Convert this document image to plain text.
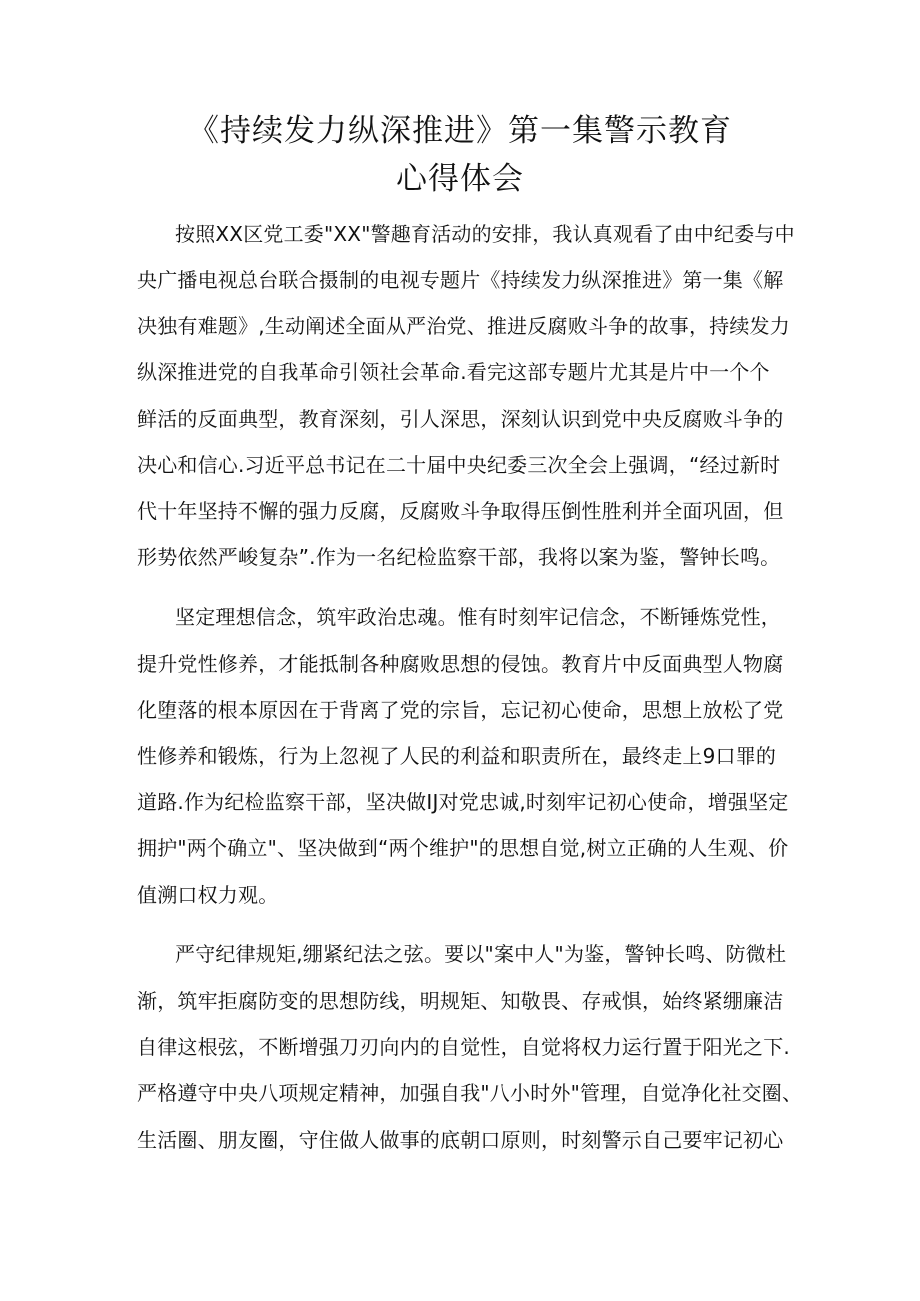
《持续发力纵深推进》第一集警示教育
心得体会
按照XX区党工委"XX"警趣育活动的安排，我认真观看了由中纪委与中
央广播电视总台联合摄制的电视专题片《持续发力纵深推进》第一集《解
决独有难题》,生动阐述全面从严治党、推进反腐败斗争的故事，持续发力
纵深推进党的自我革命引领社会革命.看完这部专题片尤其是片中一个个
鲜活的反面典型，教育深刻，引人深思，深刻认识到党中央反腐败斗争的
决心和信心.习近平总书记在二十届中央纪委三次全会上强调，“经过新时
代十年坚持不懈的强力反腐，反腐败斗争取得压倒性胜利并全面巩固，但
形势依然严峻复杂”.作为一名纪检监察干部，我将以案为鉴，警钟长鸣。
坚定理想信念，筑牢政治忠魂。惟有时刻牢记信念，不断锤炼党性，
提升党性修养，才能抵制各种腐败思想的侵蚀。教育片中反面典型人物腐
化堕落的根本原因在于背离了党的宗旨，忘记初心使命，思想上放松了党
性修养和锻炼，行为上忽视了人民的利益和职责所在，最终走上9口罪的
道路.作为纪检监察干部，坚决做IJ对党忠诚,时刻牢记初心使命，增强坚定
拥护"两个确立"、坚决做到“两个维护"的思想自觉,树立正确的人生观、价
值溯口权力观。
严守纪律规矩,绷紧纪法之弦。要以"案中人"为鉴，警钟长鸣、防微杜
渐，筑牢拒腐防变的思想防线，明规矩、知敬畏、存戒惧，始终紧绷廉洁
自律这根弦，不断增强刀刃向内的自觉性，自觉将权力运行置于阳光之下.
严格遵守中央八项规定精神，加强自我"八小时外"管理，自觉净化社交圈、
生活圈、朋友圈，守住做人做事的底朝口原则，时刻警示自己要牢记初心
